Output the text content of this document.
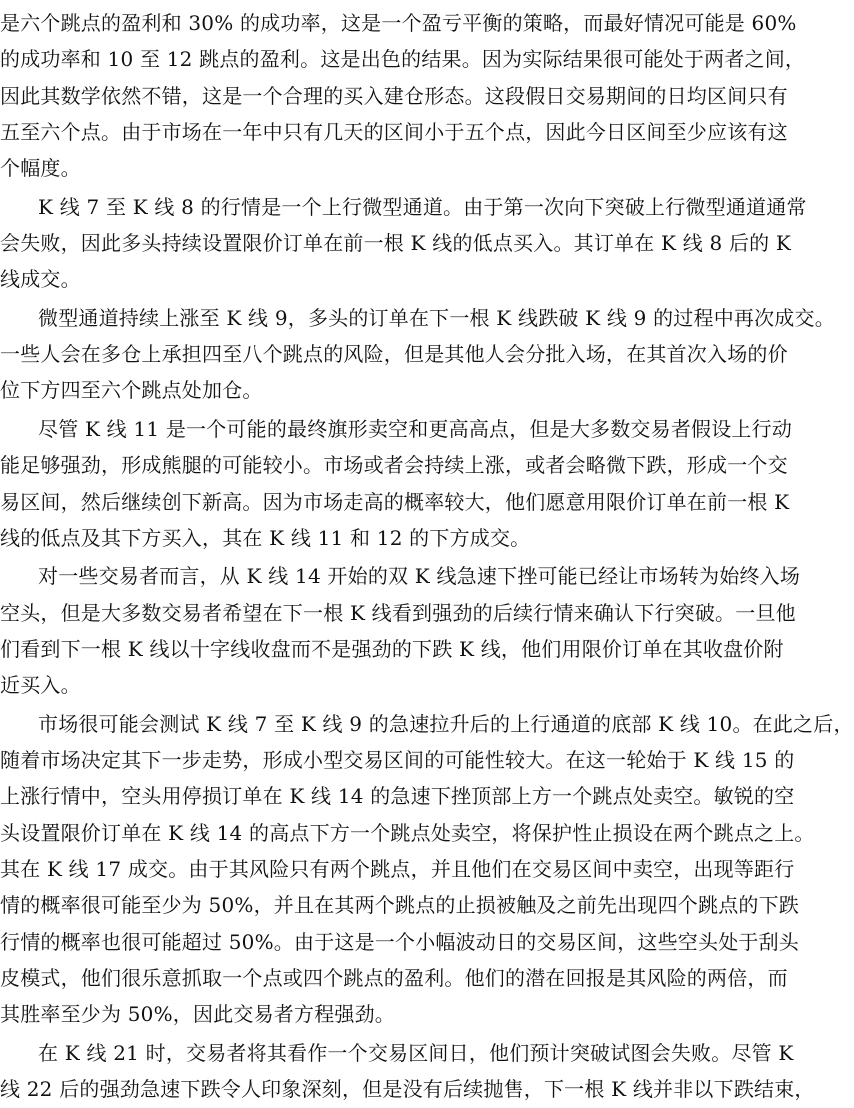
是六个跳点的盈利和 30% 的成功率，这是一个盈亏平衡的策略，而最好情况可能是 60%
的成功率和 10 至 12 跳点的盈利。这是出色的结果。因为实际结果很可能处于两者之间，
因此其数学依然不错，这是一个合理的买入建仓形态。这段假日交易期间的日均区间只有
五至六个点。由于市场在一年中只有几天的区间小于五个点，因此今日区间至少应该有这
个幅度。
K 线 7 至 K 线 8 的行情是一个上行微型通道。由于第一次向下突破上行微型通道通常
会失败，因此多头持续设置限价订单在前一根 K 线的低点买入。其订单在 K 线 8 后的 K
线成交。
微型通道持续上涨至 K 线 9，多头的订单在下一根 K 线跌破 K 线 9 的过程中再次成交。
一些人会在多仓上承担四至八个跳点的风险，但是其他人会分批入场，在其首次入场的价
位下方四至六个跳点处加仓。
尽管 K 线 11 是一个可能的最终旗形卖空和更高高点，但是大多数交易者假设上行动
能足够强劲，形成熊腿的可能较小。市场或者会持续上涨，或者会略微下跌，形成一个交
易区间，然后继续创下新高。因为市场走高的概率较大，他们愿意用限价订单在前一根 K
线的低点及其下方买入，其在 K 线 11 和 12 的下方成交。
对一些交易者而言，从 K 线 14 开始的双 K 线急速下挫可能已经让市场转为始终入场
空头，但是大多数交易者希望在下一根 K 线看到强劲的后续行情来确认下行突破。一旦他
们看到下一根 K 线以十字线收盘而不是强劲的下跌 K 线，他们用限价订单在其收盘价附
近买入。
市场很可能会测试 K 线 7 至 K 线 9 的急速拉升后的上行通道的底部 K 线 10。在此之后，
随着市场决定其下一步走势，形成小型交易区间的可能性较大。在这一轮始于 K 线 15 的
上涨行情中，空头用停损订单在 K 线 14 的急速下挫顶部上方一个跳点处卖空。敏锐的空
头设置限价订单在 K 线 14 的高点下方一个跳点处卖空，将保护性止损设在两个跳点之上。
其在 K 线 17 成交。由于其风险只有两个跳点，并且他们在交易区间中卖空，出现等距行
情的概率很可能至少为 50%，并且在其两个跳点的止损被触及之前先出现四个跳点的下跌
行情的概率也很可能超过 50%。由于这是一个小幅波动日的交易区间，这些空头处于刮头
皮模式，他们很乐意抓取一个点或四个跳点的盈利。他们的潜在回报是其风险的两倍，而
其胜率至少为 50%，因此交易者方程强劲。
在 K 线 21 时，交易者将其看作一个交易区间日，他们预计突破试图会失败。尽管 K
线 22 后的强劲急速下跌令人印象深刻，但是没有后续抛售，下一根 K 线并非以下跌结束，
